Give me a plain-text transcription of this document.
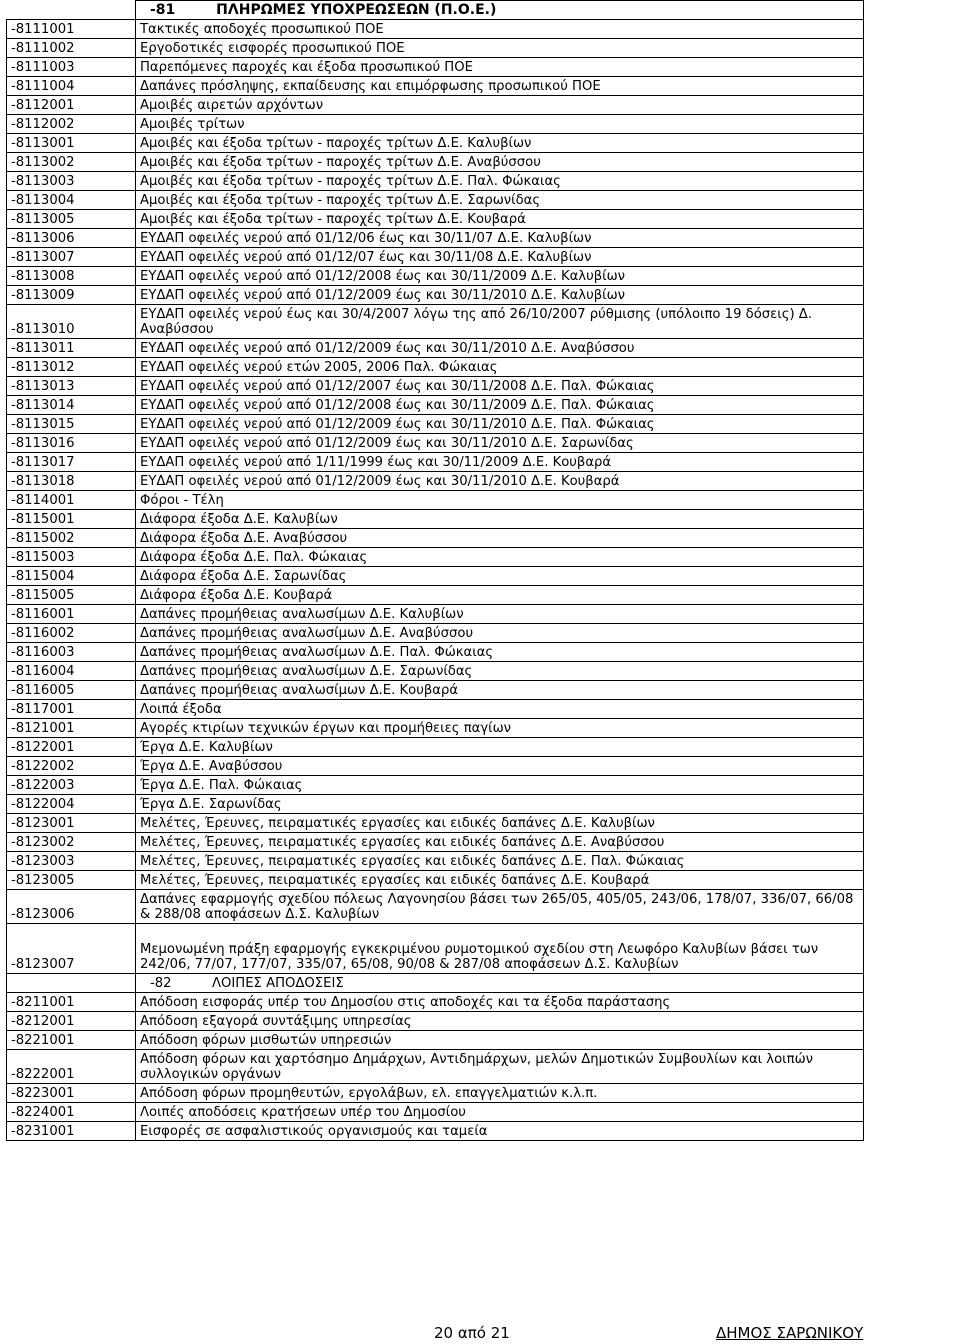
	-81 ΠΛΗΡΩΜΕΣ ΥΠΟΧΡΕΩΣΕΩΝ (Π.Ο.Ε.)
-8111001	Τακτικές αποδοχές προσωπικού ΠΟΕ
-8111002	Εργοδοτικές εισφορές προσωπικού ΠΟΕ
-8111003	Παρεπόμενες παροχές και έξοδα προσωπικού ΠΟΕ
-8111004	Δαπάνες πρόσληψης, εκπαίδευσης και επιμόρφωσης προσωπικού ΠΟΕ
-8112001	Αμοιβές αιρετών αρχόντων
-8112002	Αμοιβές τρίτων
-8113001	Αμοιβές και έξοδα τρίτων - παροχές τρίτων Δ.Ε. Καλυβίων
-8113002	Αμοιβές και έξοδα τρίτων - παροχές τρίτων Δ.Ε. Αναβύσσου
-8113003	Αμοιβές και έξοδα τρίτων - παροχές τρίτων Δ.Ε. Παλ. Φώκαιας
-8113004	Αμοιβές και έξοδα τρίτων - παροχές τρίτων Δ.Ε. Σαρωνίδας
-8113005	Αμοιβές και έξοδα τρίτων - παροχές τρίτων Δ.Ε. Κουβαρά
-8113006	ΕΥΔΑΠ οφειλές νερού από 01/12/06 έως και 30/11/07 Δ.Ε. Καλυβίων
-8113007	ΕΥΔΑΠ οφειλές νερού από 01/12/07 έως και 30/11/08 Δ.Ε. Καλυβίων
-8113008	ΕΥΔΑΠ οφειλές νερού από 01/12/2008 έως και 30/11/2009 Δ.Ε. Καλυβίων
-8113009	ΕΥΔΑΠ οφειλές νερού από 01/12/2009 έως και 30/11/2010 Δ.Ε. Καλυβίων
-8113010	ΕΥΔΑΠ οφειλές νερού έως και 30/4/2007 λόγω της από 26/10/2007 ρύθμισης (υπόλοιπο 19 δόσεις) Δ. Αναβύσσου
-8113011	ΕΥΔΑΠ οφειλές νερού από 01/12/2009 έως και 30/11/2010 Δ.Ε. Αναβύσσου
-8113012	ΕΥΔΑΠ οφειλές νερού ετών 2005, 2006 Παλ. Φώκαιας
-8113013	ΕΥΔΑΠ οφειλές νερού από 01/12/2007 έως και 30/11/2008 Δ.Ε. Παλ. Φώκαιας
-8113014	ΕΥΔΑΠ οφειλές νερού από 01/12/2008 έως και 30/11/2009 Δ.Ε. Παλ. Φώκαιας
-8113015	ΕΥΔΑΠ οφειλές νερού από 01/12/2009 έως και 30/11/2010 Δ.Ε. Παλ. Φώκαιας
-8113016	ΕΥΔΑΠ οφειλές νερού από 01/12/2009 έως και 30/11/2010 Δ.Ε. Σαρωνίδας
-8113017	ΕΥΔΑΠ οφειλές νερού από 1/11/1999 έως και 30/11/2009 Δ.Ε. Κουβαρά
-8113018	ΕΥΔΑΠ οφειλές νερού από 01/12/2009 έως και 30/11/2010 Δ.Ε. Κουβαρά
-8114001	Φόροι - Τέλη
-8115001	Διάφορα έξοδα Δ.Ε. Καλυβίων
-8115002	Διάφορα έξοδα Δ.Ε. Αναβύσσου
-8115003	Διάφορα έξοδα Δ.Ε. Παλ. Φώκαιας
-8115004	Διάφορα έξοδα Δ.Ε. Σαρωνίδας
-8115005	Διάφορα έξοδα Δ.Ε. Κουβαρά
-8116001	Δαπάνες προμήθειας αναλωσίμων Δ.Ε. Καλυβίων
-8116002	Δαπάνες προμήθειας αναλωσίμων Δ.Ε. Αναβύσσου
-8116003	Δαπάνες προμήθειας αναλωσίμων Δ.Ε. Παλ. Φώκαιας
-8116004	Δαπάνες προμήθειας αναλωσίμων Δ.Ε. Σαρωνίδας
-8116005	Δαπάνες προμήθειας αναλωσίμων Δ.Ε. Κουβαρά
-8117001	Λοιπά έξοδα
-8121001	Αγορές κτιρίων τεχνικών έργων και προμήθειες παγίων
-8122001	Έργα Δ.Ε. Καλυβίων
-8122002	Έργα Δ.Ε. Αναβύσσου
-8122003	Έργα Δ.Ε. Παλ. Φώκαιας
-8122004	Έργα Δ.Ε. Σαρωνίδας
-8123001	Μελέτες, Έρευνες, πειραματικές εργασίες και ειδικές δαπάνες Δ.Ε. Καλυβίων
-8123002	Μελέτες, Έρευνες, πειραματικές εργασίες και ειδικές δαπάνες Δ.Ε. Αναβύσσου
-8123003	Μελέτες, Έρευνες, πειραματικές εργασίες και ειδικές δαπάνες Δ.Ε. Παλ. Φώκαιας
-8123005	Μελέτες, Έρευνες, πειραματικές εργασίες και ειδικές δαπάνες Δ.Ε. Κουβαρά
-8123006	Δαπάνες εφαρμογής σχεδίου πόλεως Λαγονησίου βάσει των 265/05, 405/05, 243/06, 178/07, 336/07, 66/08 & 288/08 αποφάσεων Δ.Σ. Καλυβίων
-8123007	Μεμονωμένη πράξη εφαρμογής εγκεκριμένου ρυμοτομικού σχεδίου στη Λεωφόρο Καλυβίων βάσει των 242/06, 77/07, 177/07, 335/07, 65/08, 90/08 & 287/08 αποφάσεων Δ.Σ. Καλυβίων
	-82 ΛΟΙΠΕΣ ΑΠΟΔΟΣΕΙΣ
-8211001	Απόδοση εισφοράς υπέρ του Δημοσίου στις αποδοχές και τα έξοδα παράστασης
-8212001	Απόδοση εξαγορά συντάξιμης υπηρεσίας
-8221001	Απόδοση φόρων μισθωτών υπηρεσιών
-8222001	Απόδοση φόρων και χαρτόσημο Δημάρχων, Αντιδημάρχων, μελών Δημοτικών Συμβουλίων και λοιπών συλλογικών οργάνων
-8223001	Απόδοση φόρων προμηθευτών, εργολάβων, ελ. επαγγελματιών κ.λ.π.
-8224001	Λοιπές αποδόσεις κρατήσεων υπέρ του Δημοσίου
-8231001	Εισφορές σε ασφαλιστικούς οργανισμούς και ταμεία
20 από 21	ΔΗΜΟΣ ΣΑΡΩΝΙΚΟΥ
